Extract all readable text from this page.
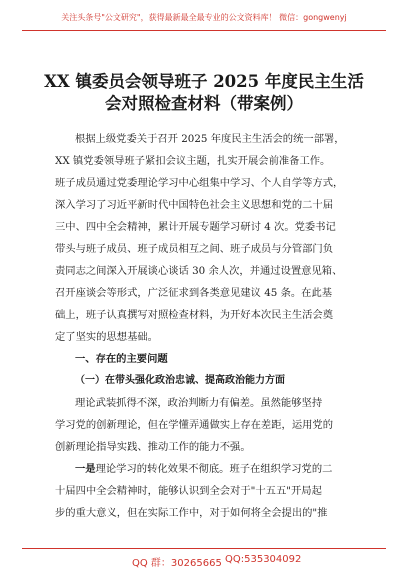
关注头条号"公文研究"，获得最新最全最专业的公文资料库！ 微信：gongwenyj
XX 镇委员会领导班子 2025 年度民主生活
会对照检查材料（带案例）
根据上级党委关于召开 2025 年度民主生活会的统一部署，
XX 镇党委领导班子紧扣会议主题，扎实开展会前准备工作。
班子成员通过党委理论学习中心组集中学习、个人自学等方式，
深入学习了习近平新时代中国特色社会主义思想和党的二十届
三中、四中全会精神，累计开展专题学习研讨 4 次。党委书记
带头与班子成员、班子成员相互之间、班子成员与分管部门负
责同志之间深入开展谈心谈话 30 余人次，并通过设置意见箱、
召开座谈会等形式，广泛征求到各类意见建议 45 条。在此基
础上，班子认真撰写对照检查材料，为开好本次民主生活会奠
定了坚实的思想基础。
一、存在的主要问题
（一）在带头强化政治忠诚、提高政治能力方面
理论武装抓得不深，政治判断力有偏差。虽然能够坚持
学习党的创新理论，但在学懂弄通做实上存在差距，运用党的
创新理论指导实践、推动工作的能力不强。
一是理论学习的转化效果不彻底。班子在组织学习党的二
十届四中全会精神时，能够认识到全会对于"十五五"开局起
步的重大意义，但在实际工作中，对于如何将全会提出的"推
QQ 群：30265665 QQ:535304092
